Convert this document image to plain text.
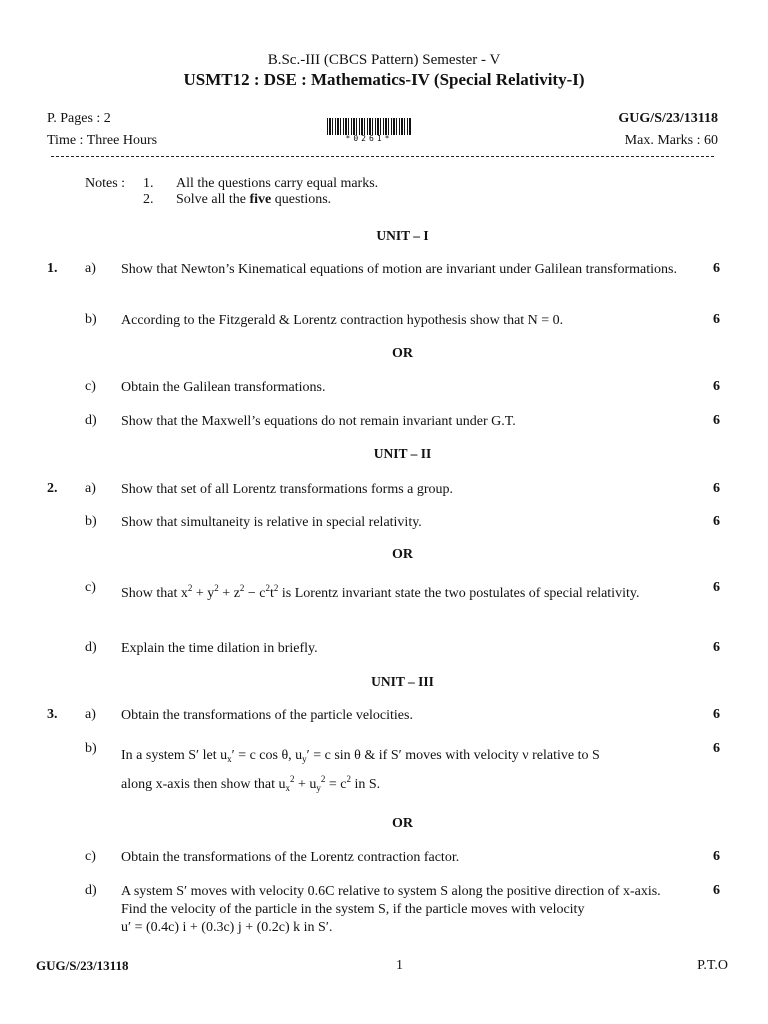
B.Sc.-III (CBCS Pattern) Semester - V
USMT12 : DSE : Mathematics-IV (Special Relativity-I)
P. Pages : 2	GUG/S/23/13118
Time : Three Hours	Max. Marks : 60
*0261*
Notes : 1. All the questions carry equal marks.
2. Solve all the five questions.
UNIT – I
1. a) Show that Newton’s Kinematical equations of motion are invariant under Galilean transformations.	6
b) According to the Fitzgerald & Lorentz contraction hypothesis show that N = 0.	6
OR
c) Obtain the Galilean transformations.	6
d) Show that the Maxwell’s equations do not remain invariant under G.T.	6
UNIT – II
2. a) Show that set of all Lorentz transformations forms a group.	6
b) Show that simultaneity is relative in special relativity.	6
OR
c) Show that $x^2 + y^2 + z^2 - c^2t^2$ is Lorentz invariant state the two postulates of special relativity.	6
d) Explain the time dilation in briefly.	6
UNIT – III
3. a) Obtain the transformations of the particle velocities.	6
b) In a system S′ let $u_x' = c$ cos θ, $u_y' = c$ sin θ & if S′ moves with velocity ν relative to S
along x-axis then show that $u_x^2 + u_y^2 = c^2$ in S.
6
OR
c) Obtain the transformations of the Lorentz contraction factor.	6
d) A system S′ moves with velocity 0.6C relative to system S along the positive direction of x-axis. Find the velocity of the particle in the system S, if the particle moves with velocity
u′ = (0.4c) i + (0.3c) j + (0.2c) k in S′.
6
GUG/S/23/13118	1	P.T.O
